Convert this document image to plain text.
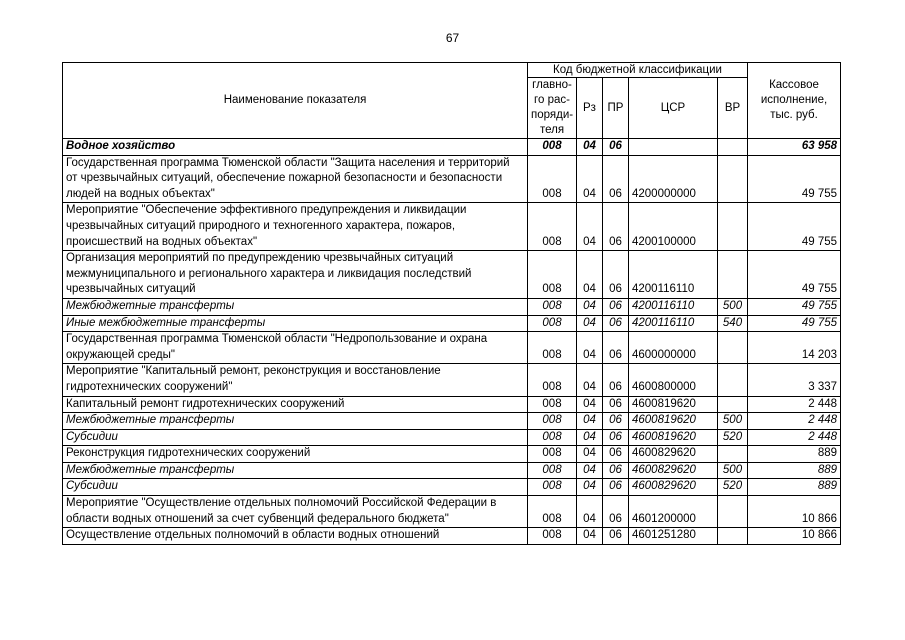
67
Наименование показателя	Код бюджетной классификации					Кассовое исполнение, тыс. руб.
	главно-го рас-поряди-теля	Рз	ПР	ЦСР	ВР	
Водное хозяйство	008	04	06			63 958
Государственная программа Тюменской области "Защита населения и территорий от чрезвычайных ситуаций, обеспечение пожарной безопасности и безопасности людей на водных объектах"	008	04	06	4200000000		49 755
Мероприятие "Обеспечение эффективного предупреждения и ликвидации чрезвычайных ситуаций природного и техногенного характера, пожаров, происшествий на водных объектах"	008	04	06	4200100000		49 755
Организация мероприятий по предупреждению чрезвычайных ситуаций межмуниципального и регионального характера и ликвидация последствий чрезвычайных ситуаций	008	04	06	4200116110		49 755
Межбюджетные трансферты	008	04	06	4200116110	500	49 755
Иные межбюджетные трансферты	008	04	06	4200116110	540	49 755
Государственная программа Тюменской области "Недропользование и охрана окружающей среды"	008	04	06	4600000000		14 203
Мероприятие "Капитальный ремонт, реконструкция и восстановление гидротехнических сооружений"	008	04	06	4600800000		3 337
Капитальный ремонт гидротехнических сооружений	008	04	06	4600819620		2 448
Межбюджетные трансферты	008	04	06	4600819620	500	2 448
Субсидии	008	04	06	4600819620	520	2 448
Реконструкция гидротехнических сооружений	008	04	06	4600829620		889
Межбюджетные трансферты	008	04	06	4600829620	500	889
Субсидии	008	04	06	4600829620	520	889
Мероприятие "Осуществление отдельных полномочий Российской Федерации в области водных отношений за счет субвенций федерального бюджета"	008	04	06	4601200000		10 866
Осуществление отдельных полномочий в области водных отношений	008	04	06	4601251280		10 866
